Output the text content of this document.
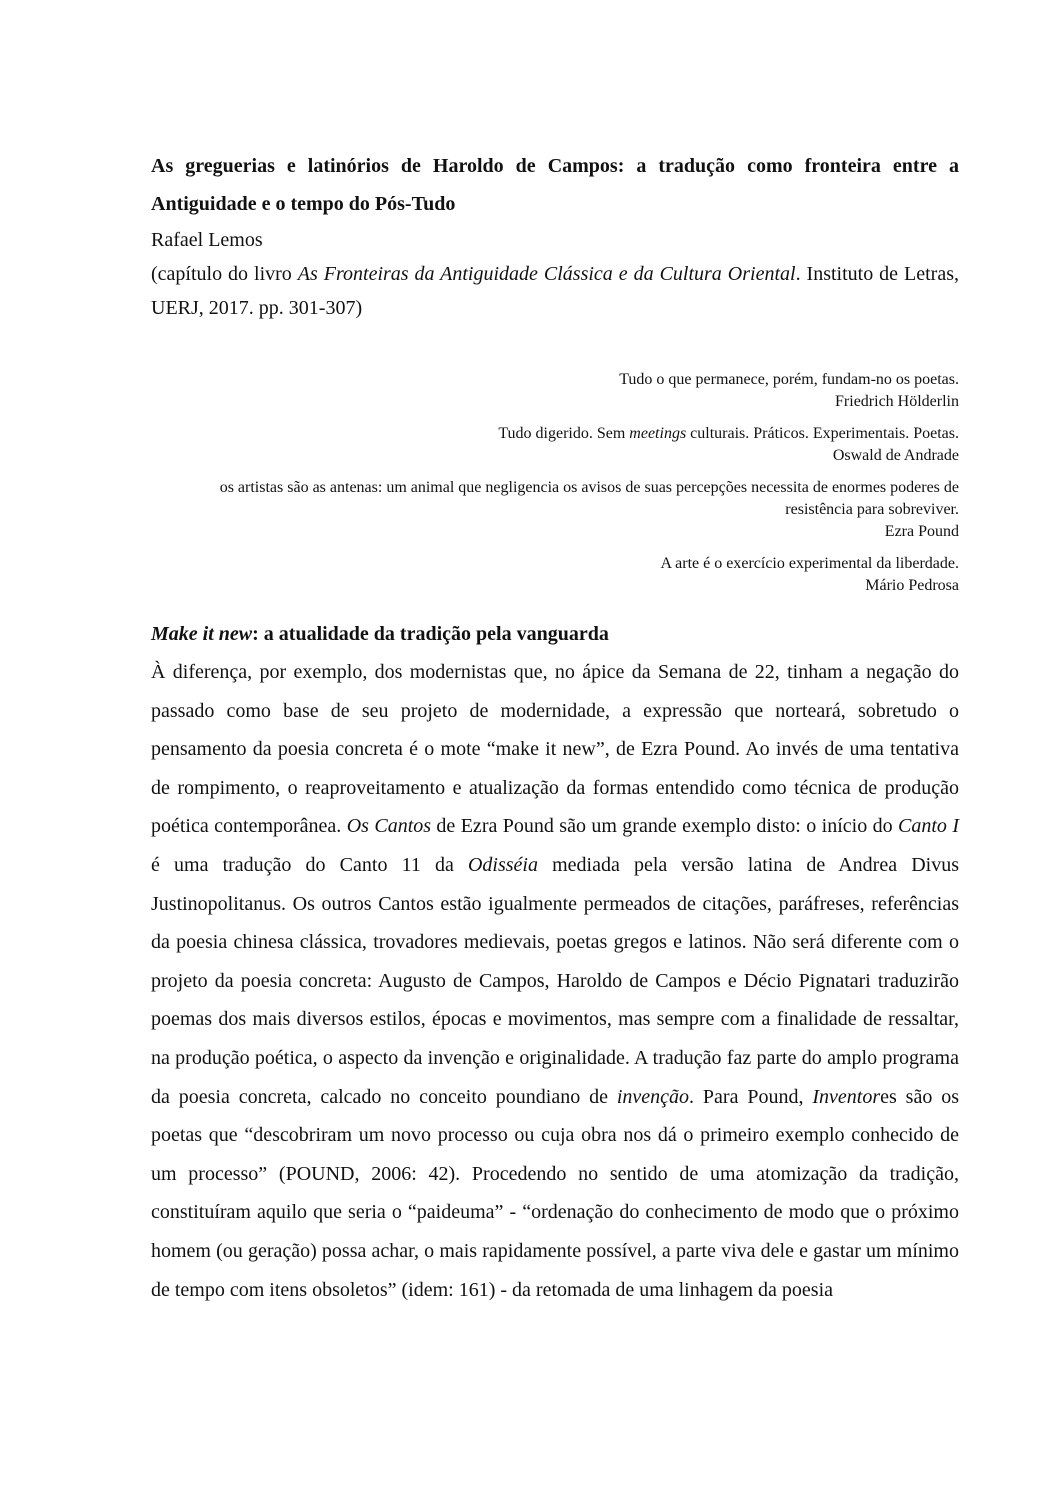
As greguerias e latinórios de Haroldo de Campos: a tradução como fronteira entre a Antiguidade e o tempo do Pós-Tudo

Rafael Lemos

(capítulo do livro As Fronteiras da Antiguidade Clássica e da Cultura Oriental. Instituto de Letras, UERJ, 2017. pp. 301-307)

Tudo o que permanece, porém, fundam-no os poetas.
Friedrich Hölderlin
Tudo digerido. Sem meetings culturais. Práticos. Experimentais. Poetas.
Oswald de Andrade
os artistas são as antenas: um animal que negligencia os avisos de suas percepções necessita de enormes poderes de resistência para sobreviver.
Ezra Pound
A arte é o exercício experimental da liberdade.
Mário Pedrosa
Make it new: a atualidade da tradição pela vanguarda

À diferença, por exemplo, dos modernistas que, no ápice da Semana de 22, tinham a negação do passado como base de seu projeto de modernidade, a expressão que norteará, sobretudo o pensamento da poesia concreta é o mote “make it new”, de Ezra Pound. Ao invés de uma tentativa de rompimento, o reaproveitamento e atualização da formas entendido como técnica de produção poética contemporânea. Os Cantos de Ezra Pound são um grande exemplo disto: o início do Canto I é uma tradução do Canto 11 da Odisséia mediada pela versão latina de Andrea Divus Justinopolitanus. Os outros Cantos estão igualmente permeados de citações, paráfreses, referências da poesia chinesa clássica, trovadores medievais, poetas gregos e latinos. Não será diferente com o projeto da poesia concreta: Augusto de Campos, Haroldo de Campos e Décio Pignatari traduzirão poemas dos mais diversos estilos, épocas e movimentos, mas sempre com a finalidade de ressaltar, na produção poética, o aspecto da invenção e originalidade. A tradução faz parte do amplo programa da poesia concreta, calcado no conceito poundiano de invenção. Para Pound, Inventores são os poetas que “descobriram um novo processo ou cuja obra nos dá o primeiro exemplo conhecido de um processo” (POUND, 2006: 42). Procedendo no sentido de uma atomização da tradição, constituíram aquilo que seria o “paideuma” - “ordenação do conhecimento de modo que o próximo homem (ou geração) possa achar, o mais rapidamente possível, a parte viva dele e gastar um mínimo de tempo com itens obsoletos” (idem: 161) - da retomada de uma linhagem da poesia
